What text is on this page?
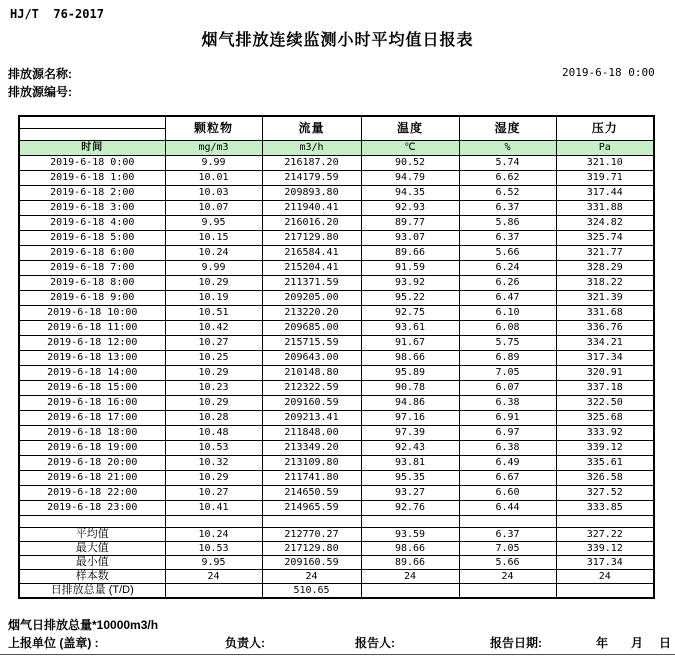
HJ/T  76-2017
烟气排放连续监测小时平均值日报表
排放源名称:
排放源编号:
2019-6-18 0:00
	颗粒物	流量	温度	湿度	压力

时间	mg/m3	m3/h	℃	%	Pa
2019-6-18 0:00	9.99	216187.20	90.52	5.74	321.10
2019-6-18 1:00	10.01	214179.59	94.79	6.62	319.71
2019-6-18 2:00	10.03	209893.80	94.35	6.52	317.44
2019-6-18 3:00	10.07	211940.41	92.93	6.37	331.88
2019-6-18 4:00	9.95	216016.20	89.77	5.86	324.82
2019-6-18 5:00	10.15	217129.80	93.07	6.37	325.74
2019-6-18 6:00	10.24	216584.41	89.66	5.66	321.77
2019-6-18 7:00	9.99	215204.41	91.59	6.24	328.29
2019-6-18 8:00	10.29	211371.59	93.92	6.26	318.22
2019-6-18 9:00	10.19	209205.00	95.22	6.47	321.39
2019-6-18 10:00	10.51	213220.20	92.75	6.10	331.68
2019-6-18 11:00	10.42	209685.00	93.61	6.08	336.76
2019-6-18 12:00	10.27	215715.59	91.67	5.75	334.21
2019-6-18 13:00	10.25	209643.00	98.66	6.89	317.34
2019-6-18 14:00	10.29	210148.80	95.89	7.05	320.91
2019-6-18 15:00	10.23	212322.59	90.78	6.07	337.18
2019-6-18 16:00	10.29	209160.59	94.86	6.38	322.50
2019-6-18 17:00	10.28	209213.41	97.16	6.91	325.68
2019-6-18 18:00	10.48	211848.00	97.39	6.97	333.92
2019-6-18 19:00	10.53	213349.20	92.43	6.38	339.12
2019-6-18 20:00	10.32	213109.80	93.81	6.49	335.61
2019-6-18 21:00	10.29	211741.80	95.35	6.67	326.58
2019-6-18 22:00	10.27	214650.59	93.27	6.60	327.52
2019-6-18 23:00	10.41	214965.59	92.76	6.44	333.85

平均值	10.24	212770.27	93.59	6.37	327.22
最大值	10.53	217129.80	98.66	7.05	339.12
最小值	9.95	209160.59	89.66	5.66	317.34
样本数	24	24	24	24	24
日排放总量 (T/D)		510.65			
烟气日排放总量*10000m3/h
上报单位 (盖章) :	负责人:	报告人:	报告日期:	年 月 日
